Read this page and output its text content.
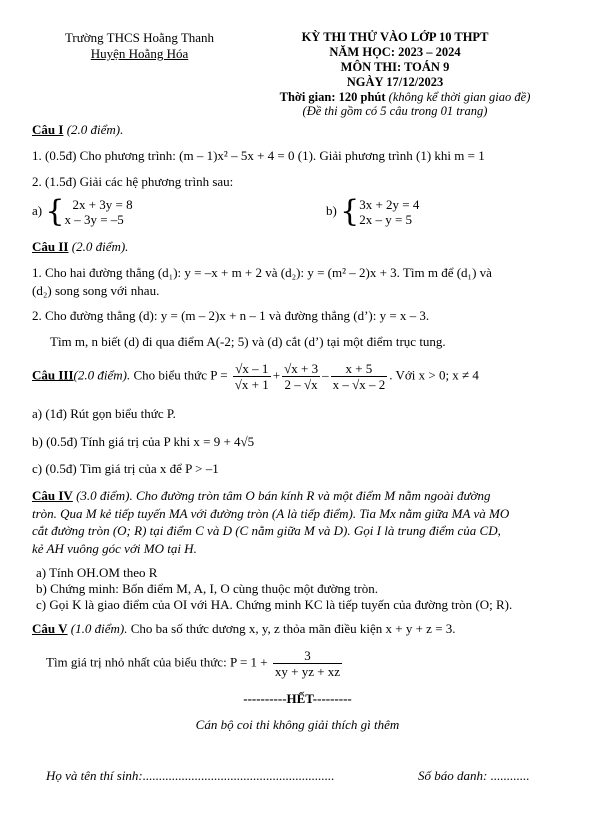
Trường THCS Hoằng Thanh
Huyện Hoằng Hóa
KỲ THI THỬ VÀO LỚP 10 THPT
NĂM HỌC: 2023 – 2024
MÔN THI: TOÁN 9
NGÀY 17/12/2023
Thời gian: 120 phút (không kể thời gian giao đề)
(Đề thi gồm có 5 câu trong 01 trang)
Câu I (2.0 điểm).
1. (0.5đ) Cho phương trình: (m – 1)x² – 5x + 4 = 0 (1). Giải phương trình (1) khi m = 1
2. (1.5đ) Giải các hệ phương trình sau:
a) { 2x + 3y = 8
x – 3y = –5
b) { 3x + 2y = 4
2x – y = 5
Câu II (2.0 điểm).
1. Cho hai đường thẳng (d₁): y = –x + m + 2 và (d₂): y = (m² – 2)x + 3. Tìm m để (d₁) và
(d₂) song song với nhau.
2. Cho đường thẳng (d): y = (m – 2)x + n – 1 và đường thẳng (d’): y = x – 3.
Tìm m, n biết (d) đi qua điểm A(-2; 5) và (d) cắt (d’) tại một điểm trục tung.
Câu III(2.0 điểm). Cho biểu thức $P = \frac{√x - 1}{√x + 1} + \frac{√x + 3}{2 - √x} - \frac{x + 5}{x - √x - 2}$ . Với x > 0; x ≠ 4
a) (1đ) Rút gọn biểu thức P.
b) (0.5đ) Tính giá trị của P khi x = 9 + 4√5
c) (0.5đ) Tìm giá trị của x để P > –1
Câu IV (3.0 điểm). Cho đường tròn tâm O bán kính R và một điểm M nằm ngoài đường
tròn. Qua M kẻ tiếp tuyến MA với đường tròn (A là tiếp điểm). Tia Mx nằm giữa MA và MO
cắt đường tròn (O; R) tại điểm C và D (C nằm giữa M và D). Gọi I là trung điểm của CD,
kẻ AH vuông góc với MO tại H.
a) Tính OH.OM theo R
b) Chứng minh: Bốn điểm M, A, I, O cùng thuộc một đường tròn.
c) Gọi K là giao điểm của OI với HA. Chứng minh KC là tiếp tuyến của đường tròn (O; R).
Câu V (1.0 điểm). Cho ba số thức dương x, y, z thỏa mãn điều kiện x + y + z = 3.
Tìm giá trị nhỏ nhất của biểu thức: $P = 1 + \frac{3}{xy + yz + xz}$
----------HẾT---------
Cán bộ coi thi không giải thích gì thêm
Họ và tên thí sinh:...........................................................	Số báo danh: ............
